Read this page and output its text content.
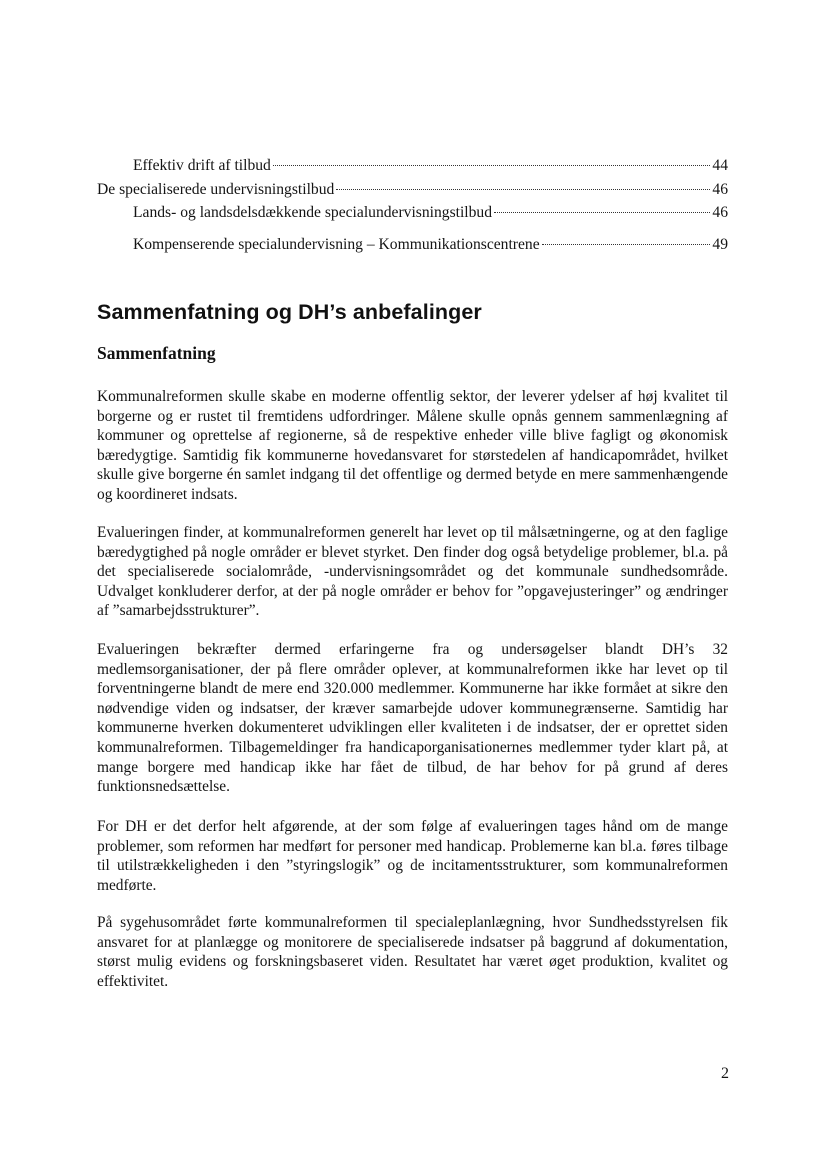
Effektiv drift af tilbud	44
De specialiserede undervisningstilbud	46
Lands- og landsdelsdækkende specialundervisningstilbud	46
Kompenserende specialundervisning – Kommunikationscentrene	49
Sammenfatning og DH’s anbefalinger
Sammenfatning

Kommunalreformen skulle skabe en moderne offentlig sektor, der leverer ydelser af høj kvalitet til borgerne og er rustet til fremtidens udfordringer. Målene skulle opnås gennem sammenlægning af kommuner og oprettelse af regionerne, så de respektive enheder ville blive fagligt og økonomisk bæredygtige. Samtidig fik kommunerne hovedansvaret for størstedelen af handicapområdet, hvilket skulle give borgerne én samlet indgang til det offentlige og dermed betyde en mere sammenhængende og koordineret indsats.

Evalueringen finder, at kommunalreformen generelt har levet op til målsætningerne, og at den faglige bæredygtighed på nogle områder er blevet styrket. Den finder dog også betydelige problemer, bl.a. på det specialiserede socialområde, -undervisningsområdet og det kommunale sundhedsområde. Udvalget konkluderer derfor, at der på nogle områder er behov for ”opgavejusteringer” og ændringer af ”samarbejdsstrukturer”.

Evalueringen bekræfter dermed erfaringerne fra og undersøgelser blandt DH’s 32 medlemsorganisationer, der på flere områder oplever, at kommunalreformen ikke har levet op til forventningerne blandt de mere end 320.000 medlemmer. Kommunerne har ikke formået at sikre den nødvendige viden og indsatser, der kræver samarbejde udover kommunegrænserne. Samtidig har kommunerne hverken dokumenteret udviklingen eller kvaliteten i de indsatser, der er oprettet siden kommunalreformen. Tilbagemeldinger fra handicaporganisationernes medlemmer tyder klart på, at mange borgere med handicap ikke har fået de tilbud, de har behov for på grund af deres funktionsnedsættelse.

For DH er det derfor helt afgørende, at der som følge af evalueringen tages hånd om de mange problemer, som reformen har medført for personer med handicap. Problemerne kan bl.a. føres tilbage til utilstrækkeligheden i den ”styringslogik” og de incitamentsstrukturer, som kommunalreformen medførte.

På sygehusområdet førte kommunalreformen til specialeplanlægning, hvor Sundhedsstyrelsen fik ansvaret for at planlægge og monitorere de specialiserede indsatser på baggrund af dokumentation, størst mulig evidens og forskningsbaseret viden. Resultatet har været øget produktion, kvalitet og effektivitet.

2
